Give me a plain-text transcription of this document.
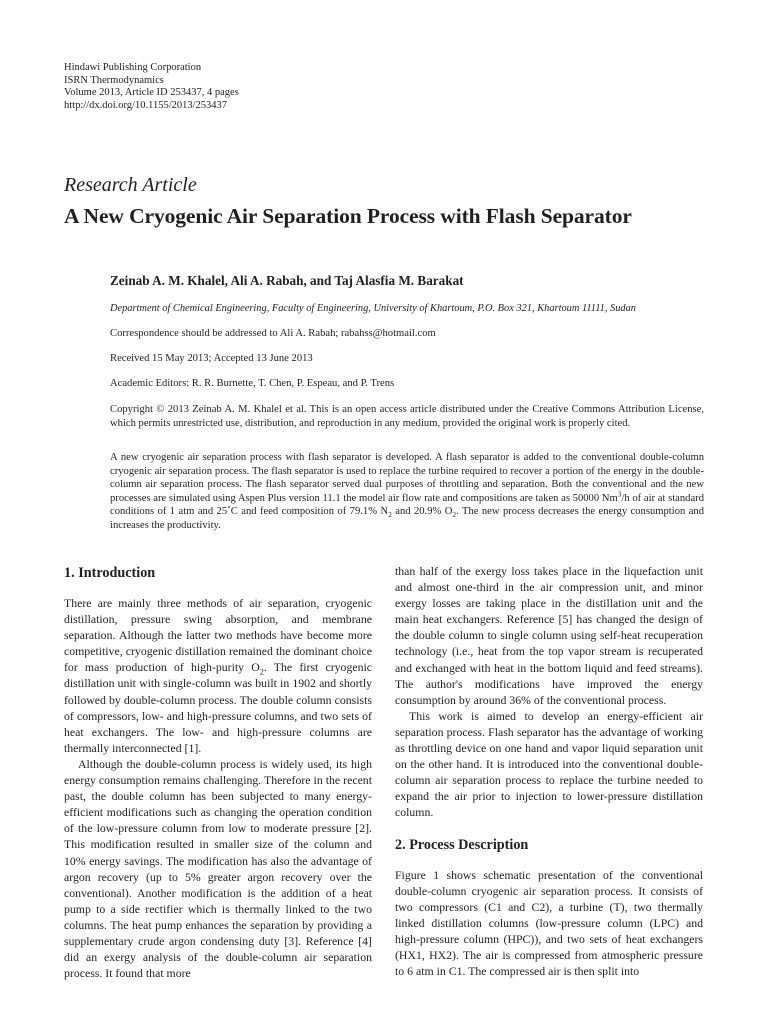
Hindawi Publishing Corporation
ISRN Thermodynamics
Volume 2013, Article ID 253437, 4 pages
http://dx.doi.org/10.1155/2013/253437
Research Article
A New Cryogenic Air Separation Process with Flash Separator
Zeinab A. M. Khalel, Ali A. Rabah, and Taj Alasfia M. Barakat
Department of Chemical Engineering, Faculty of Engineering, University of Khartoum, P.O. Box 321, Khartoum 11111, Sudan
Correspondence should be addressed to Ali A. Rabah; rabahss@hotmail.com
Received 15 May 2013; Accepted 13 June 2013
Academic Editors: R. R. Burnette, T. Chen, P. Espeau, and P. Trens
Copyright © 2013 Zeinab A. M. Khalel et al. This is an open access article distributed under the Creative Commons Attribution License, which permits unrestricted use, distribution, and reproduction in any medium, provided the original work is properly cited.
A new cryogenic air separation process with flash separator is developed. A flash separator is added to the conventional double-column cryogenic air separation process. The flash separator is used to replace the turbine required to recover a portion of the energy in the double-column air separation process. The flash separator served dual purposes of throttling and separation. Both the conventional and the new processes are simulated using Aspen Plus version 11.1 the model air flow rate and compositions are taken as 50000 Nm$^3$/h of air at standard conditions of 1 atm and 25∘C and feed composition of 79.1% $N_2$ and 20.9% $O_2$. The new process decreases the energy consumption and increases the productivity.
1. Introduction

There are mainly three methods of air separation, cryogenic distillation, pressure swing absorption, and membrane separation. Although the latter two methods have become more competitive, cryogenic distillation remained the dominant choice for mass production of high-purity $O_2$. The first cryogenic distillation unit with single-column was built in 1902 and shortly followed by double-column process. The double column consists of compressors, low- and high-pressure columns, and two sets of heat exchangers. The low- and high-pressure columns are thermally interconnected [1].

Although the double-column process is widely used, its high energy consumption remains challenging. Therefore in the recent past, the double column has been subjected to many energy-efficient modifications such as changing the operation condition of the low-pressure column from low to moderate pressure [2]. This modification resulted in smaller size of the column and 10% energy savings. The modification has also the advantage of argon recovery (up to 5% greater argon recovery over the conventional). Another modification is the addition of a heat pump to a side rectifier which is thermally linked to the two columns. The heat pump enhances the separation by providing a supplementary crude argon condensing duty [3]. Reference [4] did an exergy analysis of the double-column air separation process. It found that more

than half of the exergy loss takes place in the liquefaction unit and almost one-third in the air compression unit, and minor exergy losses are taking place in the distillation unit and the main heat exchangers. Reference [5] has changed the design of the double column to single column using self-heat recuperation technology (i.e., heat from the top vapor stream is recuperated and exchanged with heat in the bottom liquid and feed streams). The author's modifications have improved the energy consumption by around 36% of the conventional process.

This work is aimed to develop an energy-efficient air separation process. Flash separator has the advantage of working as throttling device on one hand and vapor liquid separation unit on the other hand. It is introduced into the conventional double-column air separation process to replace the turbine needed to expand the air prior to injection to lower-pressure distillation column.

2. Process Description

Figure 1 shows schematic presentation of the conventional double-column cryogenic air separation process. It consists of two compressors (C1 and C2), a turbine (T), two thermally linked distillation columns (low-pressure column (LPC) and high-pressure column (HPC)), and two sets of heat exchangers (HX1, HX2). The air is compressed from atmospheric pressure to 6 atm in C1. The compressed air is then split into
